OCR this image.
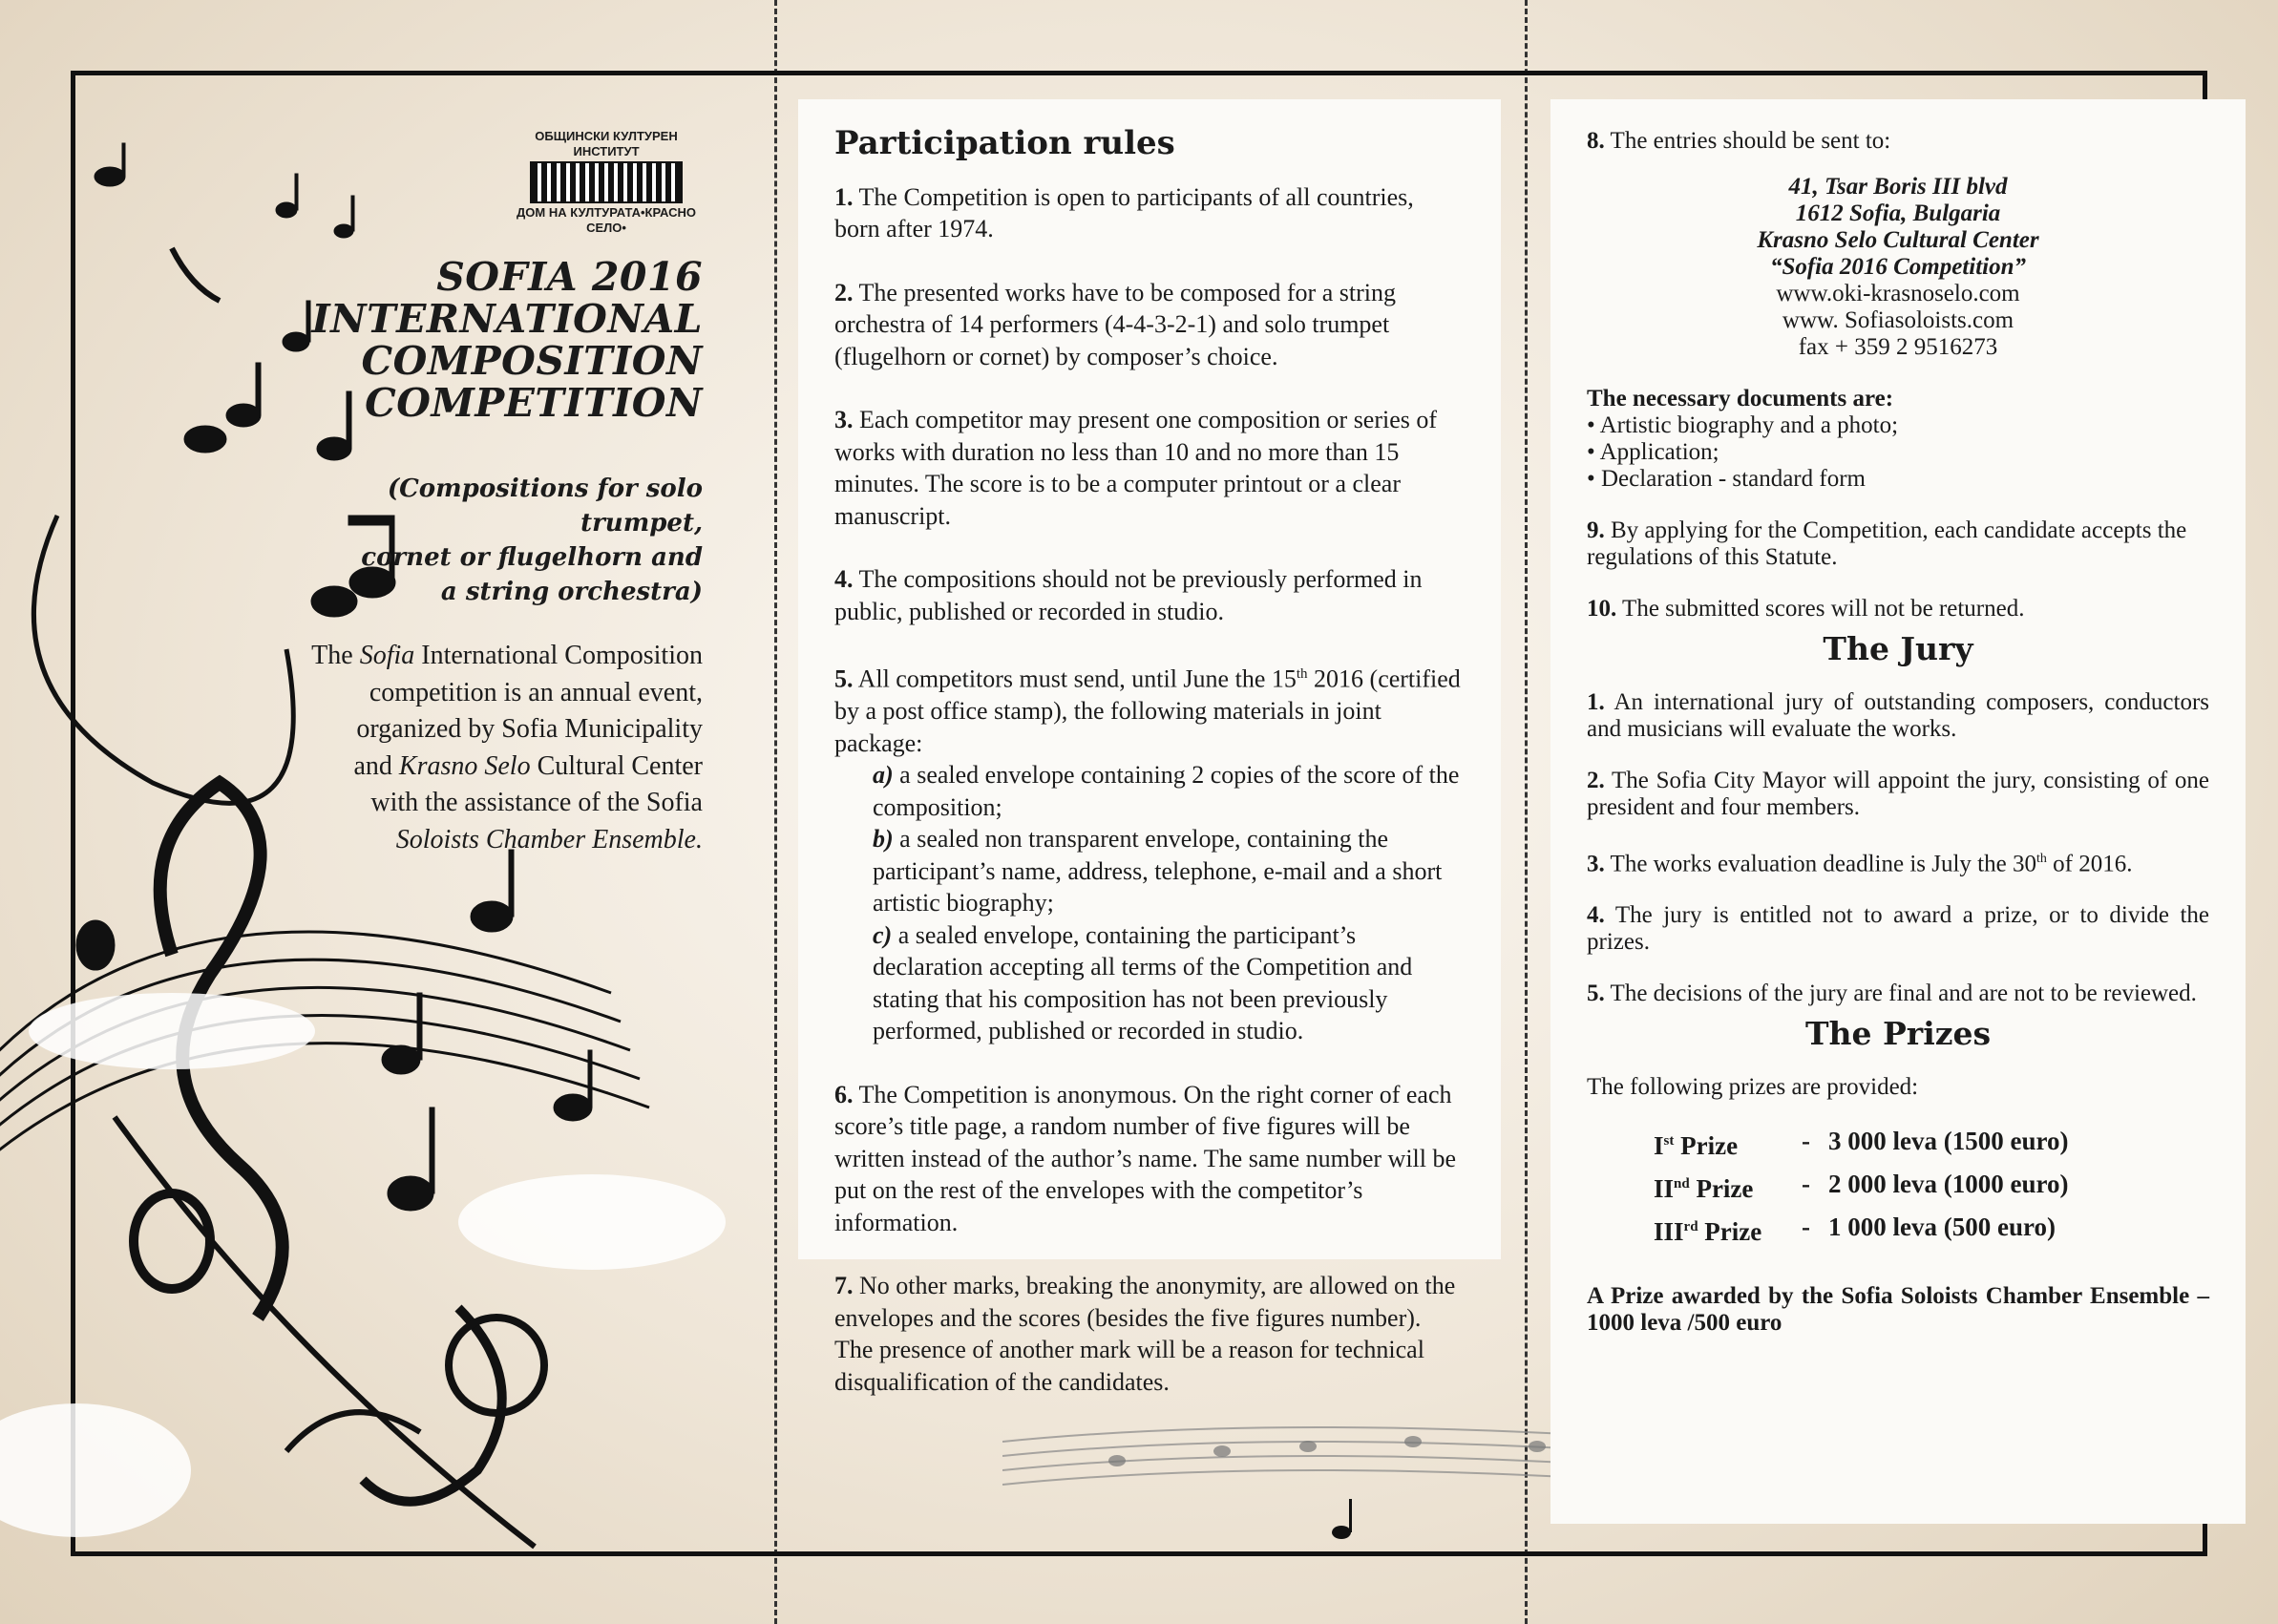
ОБЩИНСКИ КУЛТУРЕН ИНСТИТУТ
ДОМ НА КУЛТУРАТА•КРАСНО СЕЛО•
SOFIA 2016
INTERNATIONAL
COMPOSITION
COMPETITION
(Compositions for solo trumpet,
cornet or flugelhorn and
a string orchestra)
The Sofia International Composition
competition is an annual event,
organized by Sofia Municipality
and Krasno Selo Cultural Center
with the assistance of the Sofia
Soloists Chamber Ensemble.
Participation rules

1. The Competition is open to participants of all countries, born after 1974.

2. The presented works have to be composed for a string orchestra of 14 performers (4-4-3-2-1) and solo trumpet (flugelhorn or cornet) by composer’s choice.

3. Each competitor may present one composition or series of works with duration no less than 10 and no more than 15 minutes. The score is to be a computer printout or a clear manuscript.

4. The compositions should not be previously performed in public, published or recorded in studio.

5. All competitors must send, until June the 15th 2016 (certified by a post office stamp), the following materials in joint package:

a) a sealed envelope containing 2 copies of the score of the composition;

b) a sealed non transparent envelope, containing the participant’s name, address, telephone, e-mail and a short artistic biography;

c) a sealed envelope, containing the participant’s declaration accepting all terms of the Competition and stating that his composition has not been previously performed, published or recorded in studio.

6. The Competition is anonymous. On the right corner of each score’s title page, a random number of five figures will be written instead of the author’s name. The same number will be put on the rest of the envelopes with the competitor’s information.

7. No other marks, breaking the anonymity, are allowed on the envelopes and the scores (besides the five figures number). The presence of another mark will be a reason for technical disqualification of the candidates.

8. The entries should be sent to:

41, Tsar Boris III blvd
1612 Sofia, Bulgaria
Krasno Selo Cultural Center
“Sofia 2016 Competition”
www.oki-krasnoselo.com
www. Sofiasoloists.com
fax + 359 2 9516273
The necessary documents are:
• Artistic biography and a photo;
• Application;
• Declaration - standard form

9. By applying for the Competition, each candidate accepts the regulations of this Statute.

10. The submitted scores will not be returned.

The Jury

1. An international jury of outstanding composers, conductors and musicians will evaluate the works.

2. The Sofia City Mayor will appoint the jury, consisting of one president and four members.

3. The works evaluation deadline is July the 30th of 2016.

4. The jury is entitled not to award a prize, or to divide the prizes.

5. The decisions of the jury are final and are not to be reviewed.

The Prizes

The following prizes are provided:

Ist Prize	- 3 000 leva (1500 euro)
IInd Prize	- 2 000 leva (1000 euro)
IIIrd Prize	- 1 000 leva (500 euro)

A Prize awarded by the Sofia Soloists Chamber Ensemble – 1000 leva /500 euro
